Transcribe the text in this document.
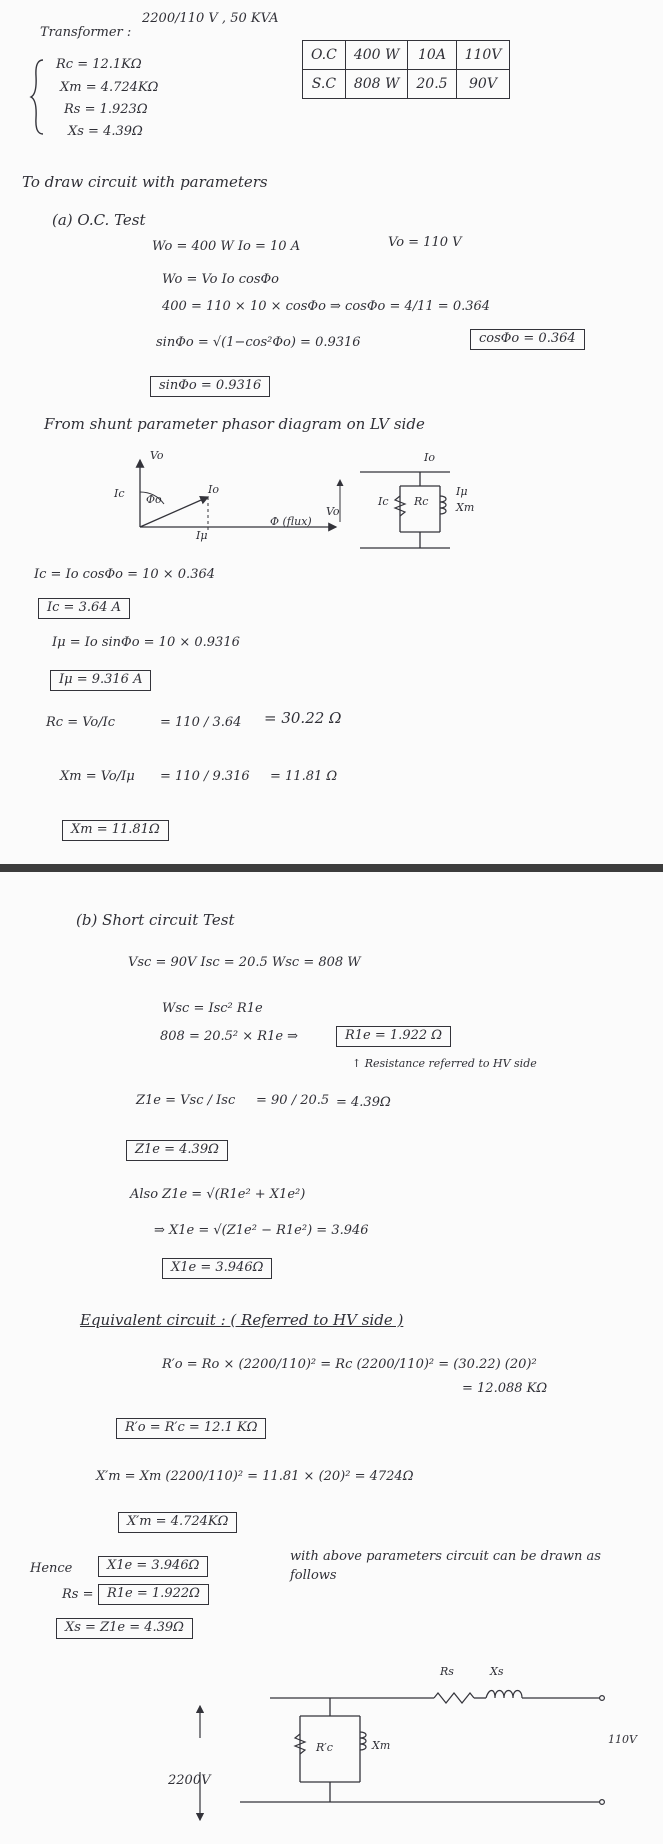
Transformer :
2200/110 V , 50 KVA
Rc = 12.1KΩ
Xm = 4.724KΩ
Rs = 1.923Ω
Xs = 4.39Ω
O.C	400 W	10A	110V
S.C	808 W	20.5	90V
To draw circuit with parameters
(a) O.C. Test
Wo = 400 W Io = 10 A	Vo = 110 V
Wo = Vo Io cosΦo
400 = 110 × 10 × cosΦo ⇒ cosΦo = 4/11 = 0.364
cosΦo = 0.364
sinΦo = √(1−cos²Φo) = 0.9316
sinΦo = 0.9316
From shunt parameter phasor diagram on LV side
Vo
Ic	Io
Φo
Iμ
Φ (flux)
Io
Vo
Ic Rc
Iμ
Xm
Ic = Io cosΦo = 10 × 0.364
Ic = 3.64 A
Iμ = Io sinΦo = 10 × 0.9316
Iμ = 9.316 A
Rc = Vo/Ic	= 110 / 3.64 = 30.22 Ω
Xm = Vo/Iμ = 110 / 9.316 = 11.81 Ω
Xm = 11.81Ω
(b) Short circuit Test
Vsc = 90V Isc = 20.5 Wsc = 808 W
Wsc = Isc² R1e
808 = 20.5² × R1e ⇒	R1e = 1.922 Ω
↑ Resistance referred to HV side
Z1e = Vsc / Isc = 90 / 20.5 = 4.39Ω
Z1e = 4.39Ω
Also Z1e = √(R1e² + X1e²)
⇒ X1e = √(Z1e² − R1e²) = 3.946
X1e = 3.946Ω
Equivalent circuit : ( Referred to HV side )
R′o = Ro × (2200/110)² = Rc (2200/110)² = (30.22) (20)²
= 12.088 KΩ
R′o = R′c = 12.1 KΩ
X′m = Xm (2200/110)² = 11.81 × (20)² = 4724Ω
X′m = 4.724KΩ
Hence	X1e = 3.946Ω
Rs =	R1e = 1.922Ω
Xs = Z1e = 4.39Ω
with above parameters circuit can be drawn as follows
Rs	Xs
R′c	Xm
2200V
110V
